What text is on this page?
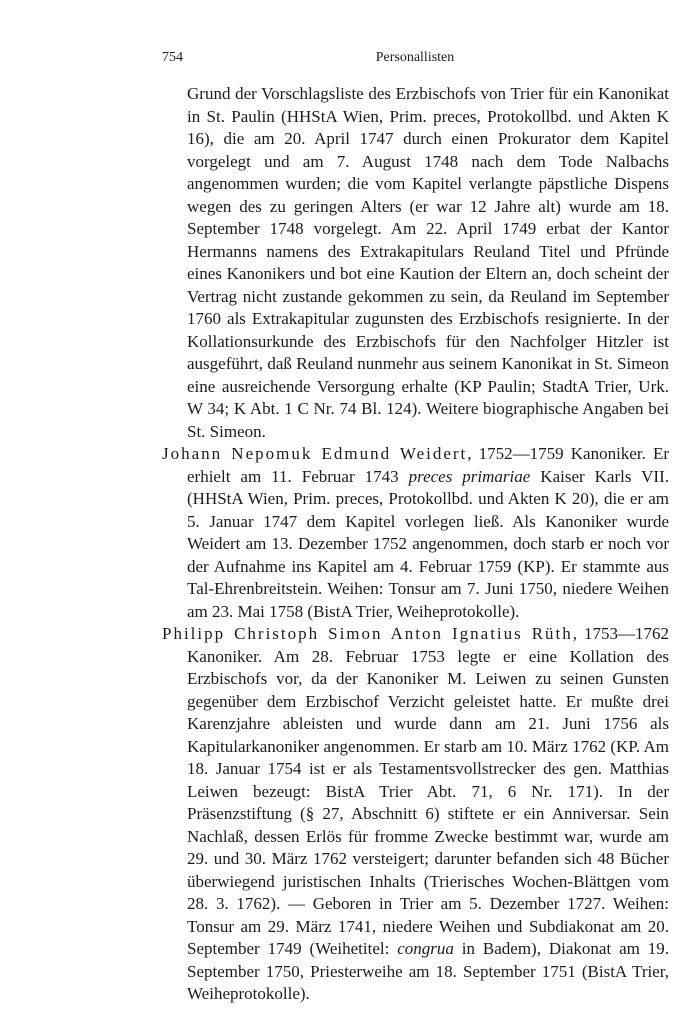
754	Personallisten

Grund der Vorschlagsliste des Erzbischofs von Trier für ein Kanonikat in St. Paulin (HHStA Wien, Prim. preces, Protokollbd. und Akten K 16), die am 20. April 1747 durch einen Prokurator dem Kapitel vorgelegt und am 7. August 1748 nach dem Tode Nalbachs angenommen wurden; die vom Kapitel verlangte päpstliche Dispens wegen des zu geringen Alters (er war 12 Jahre alt) wurde am 18. September 1748 vorgelegt. Am 22. April 1749 erbat der Kantor Hermanns namens des Extrakapitulars Reuland Titel und Pfründe eines Kanonikers und bot eine Kaution der Eltern an, doch scheint der Vertrag nicht zustande gekommen zu sein, da Reuland im September 1760 als Extrakapitular zugunsten des Erzbischofs resignierte. In der Kollationsurkunde des Erzbischofs für den Nachfolger Hitzler ist ausgeführt, daß Reuland nunmehr aus seinem Kanonikat in St. Simeon eine ausreichende Versorgung erhalte (KP Paulin; StadtA Trier, Urk. W 34; K Abt. 1 C Nr. 74 Bl. 124). Weitere biographische Angaben bei St. Simeon.

Johann Nepomuk Edmund Weidert, 1752—1759 Kanoniker. Er erhielt am 11. Februar 1743 preces primariae Kaiser Karls VII. (HHStA Wien, Prim. preces, Protokollbd. und Akten K 20), die er am 5. Januar 1747 dem Kapitel vorlegen ließ. Als Kanoniker wurde Weidert am 13. Dezember 1752 angenommen, doch starb er noch vor der Aufnahme ins Kapitel am 4. Februar 1759 (KP). Er stammte aus Tal-Ehrenbreitstein. Weihen: Tonsur am 7. Juni 1750, niedere Weihen am 23. Mai 1758 (BistA Trier, Weiheprotokolle).

Philipp Christoph Simon Anton Ignatius Rüth, 1753—1762 Kanoniker. Am 28. Februar 1753 legte er eine Kollation des Erzbischofs vor, da der Kanoniker M. Leiwen zu seinen Gunsten gegenüber dem Erzbischof Verzicht geleistet hatte. Er mußte drei Karenzjahre ableisten und wurde dann am 21. Juni 1756 als Kapitularkanoniker angenommen. Er starb am 10. März 1762 (KP. Am 18. Januar 1754 ist er als Testamentsvollstrecker des gen. Matthias Leiwen bezeugt: BistA Trier Abt. 71, 6 Nr. 171). In der Präsenzstiftung (§ 27, Abschnitt 6) stiftete er ein Anniversar. Sein Nachlaß, dessen Erlös für fromme Zwecke bestimmt war, wurde am 29. und 30. März 1762 versteigert; darunter befanden sich 48 Bücher überwiegend juristischen Inhalts (Trierisches Wochen-Blättgen vom 28. 3. 1762). — Geboren in Trier am 5. Dezember 1727. Weihen: Tonsur am 29. März 1741, niedere Weihen und Subdiakonat am 20. September 1749 (Weihetitel: congrua in Badem), Diakonat am 19. September 1750, Priesterweihe am 18. September 1751 (BistA Trier, Weiheprotokolle).
